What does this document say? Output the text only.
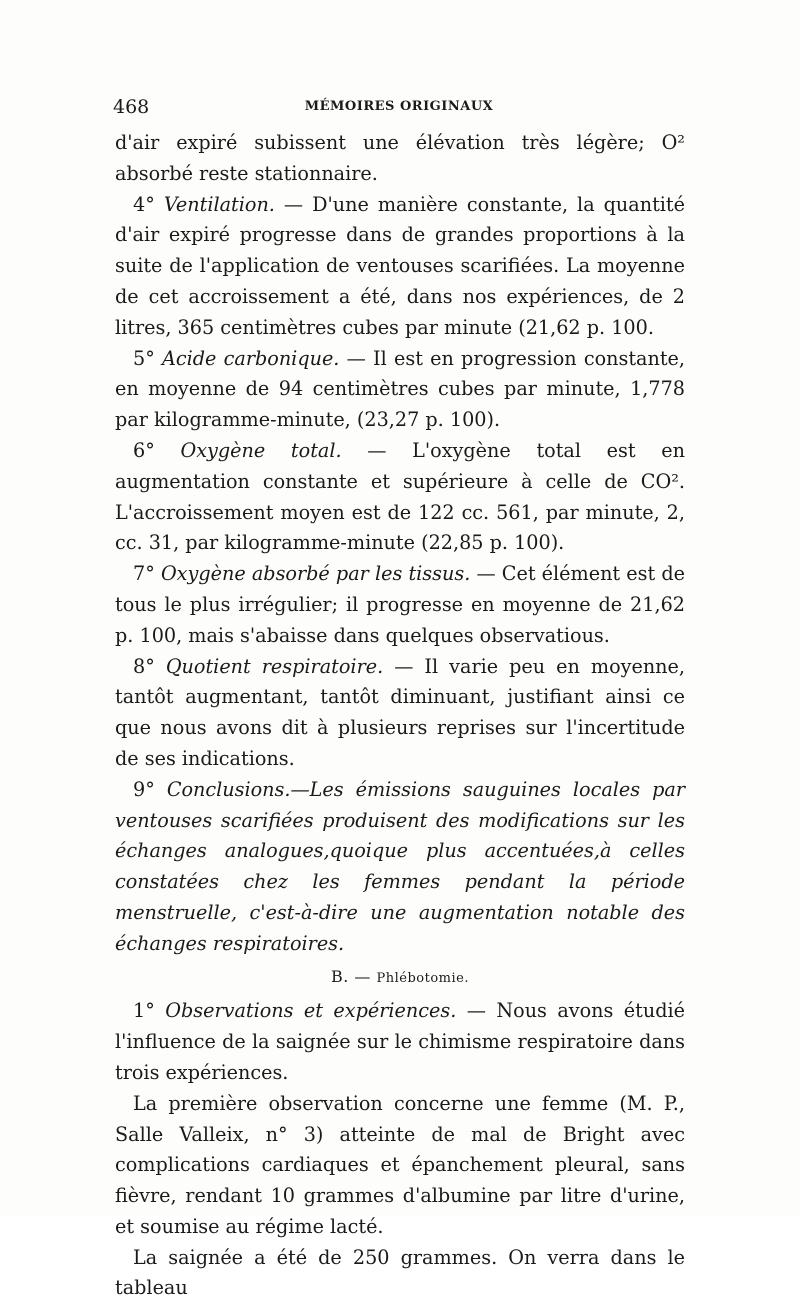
468	MÉMOIRES ORIGINAUX

d'air expiré subissent une élévation très légère; O² absorbé reste stationnaire.

4° Ventilation. — D'une manière constante, la quantité d'air expiré progresse dans de grandes proportions à la suite de l'application de ventouses scarifiées. La moyenne de cet accroissement a été, dans nos expériences, de 2 litres, 365 centimètres cubes par minute (21,62 p. 100.

5° Acide carbonique. — Il est en progression constante, en moyenne de 94 centimètres cubes par minute, 1,778 par kilogramme-minute, (23,27 p. 100).

6° Oxygène total. — L'oxygène total est en augmentation constante et supérieure à celle de CO². L'accroissement moyen est de 122 cc. 561, par minute, 2, cc. 31, par kilogramme-minute (22,85 p. 100).

7° Oxygène absorbé par les tissus. — Cet élément est de tous le plus irrégulier; il progresse en moyenne de 21,62 p. 100, mais s'abaisse dans quelques observatious.

8° Quotient respiratoire. — Il varie peu en moyenne, tantôt augmentant, tantôt diminuant, justifiant ainsi ce que nous avons dit à plusieurs reprises sur l'incertitude de ses indications.

9° Conclusions.—Les émissions sauguines locales par ventouses scarifiées produisent des modifications sur les échanges analogues,quoique plus accentuées,à celles constatées chez les femmes pendant la période menstruelle, c'est-à-dire une augmentation notable des échanges respiratoires.

B. — Phlébotomie.

1° Observations et expériences. — Nous avons étudié l'influence de la saignée sur le chimisme respiratoire dans trois expériences.

La première observation concerne une femme (M. P., Salle Valleix, n° 3) atteinte de mal de Bright avec complications cardiaques et épanchement pleural, sans fièvre, rendant 10 grammes d'albumine par litre d'urine, et soumise au régime lacté.

La saignée a été de 250 grammes. On verra dans le tableau
